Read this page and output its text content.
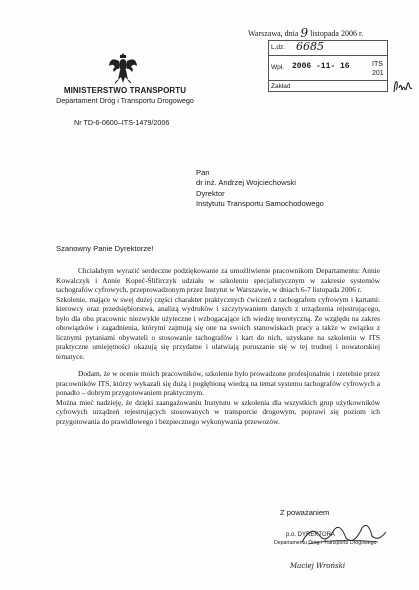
MINISTERSTWO TRANSPORTU
Departament Dróg i Transportu Drogowego
Nr TD-6-0600–ITS-1479/2006
Warszawa, dnia 9 listopada 2006 r.
L.dz. 6685
Wpł. 2006 -11- 16	ITS
201
Zakład
Pan
dr inż. Andrzej Wojciechowski
Dyrektor
Instytutu Transportu Samochodowego
Szanowny Panie Dyrektorze!

Chciałabym wyrazić serdeczne podziękowanie za umożliwienie pracownikom Departamentu: Annie Kowalczyk i Annie Kopeć-Ślifirczyk udziału w szkoleniu specjalistycznym w zakresie systemów tachografów cyfrowych, przeprowadzonym przez Instytut w Warszawie, w dniach 6-7 listopada 2006 r.

Szkolenie, mające w swej dużej części charakter praktycznych ćwiczeń z tachografem cyfrowym i kartami: kierowcy oraz przedsiębiorstwa, analizą wydruków i szczytywaniem danych z urządzenia rejestrującego, było dla obu pracownic niezwykle użyteczne i wzbogacające ich wiedzę teoretyczną. Ze względu na zakres obowiązków i zagadnienia, którymi zajmują się one na swoich stanowiskach pracy a także w związku z licznymi pytaniami obywateli o stosowanie tachografów i kart do nich, uzyskane na szkoleniu w ITS praktyczne umiejętności okazują się przydatne i ułatwiają poruszanie się w tej trudnej i nowatorskiej tematyce.

Dodam, że w ocenie moich pracowników, szkolenie było prowadzone profesjonalnie i rzetelnie przez pracowników ITS, którzy wykazali się dużą i pogłębioną wiedzą na temat systemu tachografów cyfrowych a ponadto – dobrym przygotowaniem praktycznym.

Można mieć nadzieję, że dzięki zaangażowaniu Instytutu w szkolenia dla wszystkich grup użytkowników cyfrowych urządzeń rejestrujących stosowanych w transporcie drogowym, poprawi się poziom ich przygotowania do prawidłowego i bezpiecznego wykonywania przewozów.

Z poważaniem
p.o. DYREKTORA
Departamentu Dróg i Transportu Drogowego
Maciej Wroński
